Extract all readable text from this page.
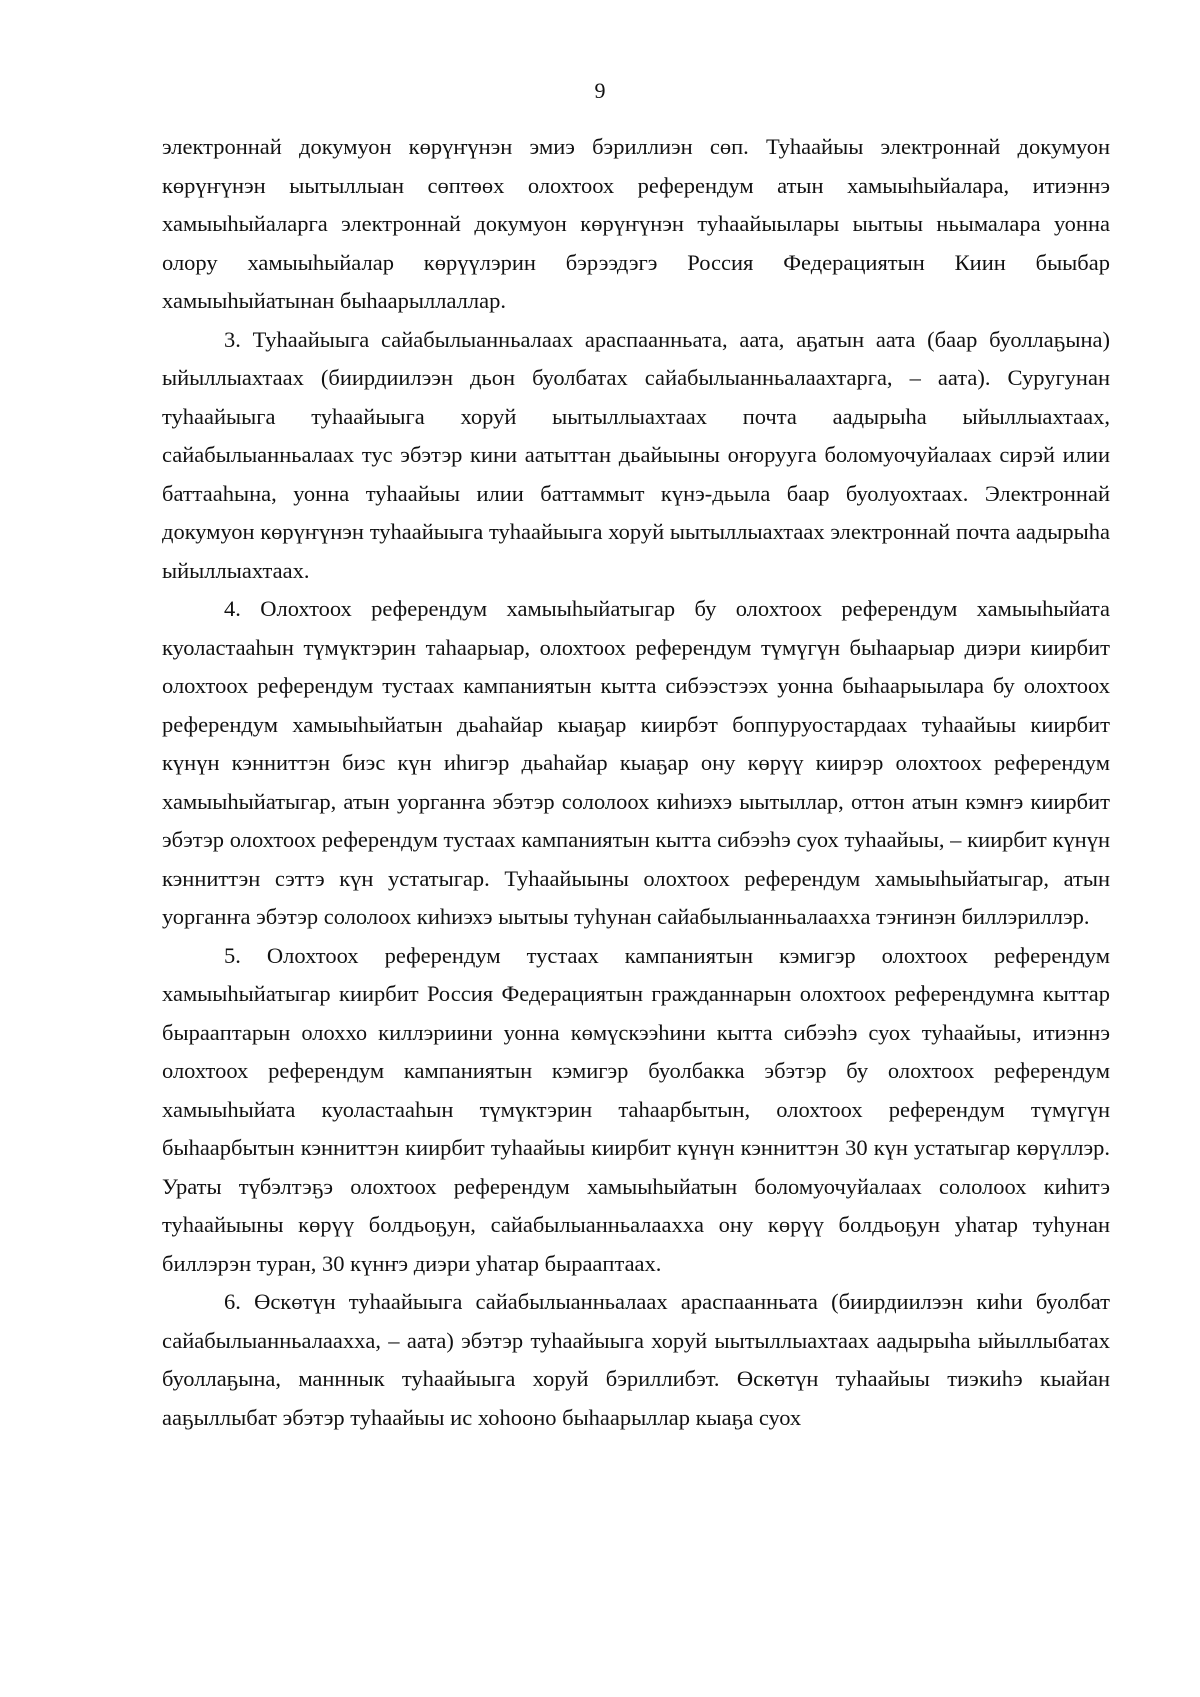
9

электроннай докумуон көрүҥүнэн эмиэ бэриллиэн сөп. Туһаайыы электроннай докумуон көрүҥүнэн ыытыллыан сөптөөх олохтоох референдум атын хамыыһыйалара, итиэннэ хамыыһыйаларга электроннай докумуон көрүҥүнэн туһаайыылары ыытыы ньымалара уонна олору хамыыһыйалар көрүүлэрин бэрээдэгэ Россия Федерациятын Киин быыбар хамыыһыйатынан быһаарыллаллар.

3. Туһаайыыга сайабылыанньалаах араспаанньата, аата, аҕатын аата (баар буоллаҕына) ыйыллыахтаах (биирдиилээн дьон буолбатах сайабылыанньалаахтарга, – аата). Суругунан туһаайыыга туһаайыыга хоруй ыытыллыахтаах почта аадырыһа ыйыллыахтаах, сайабылыанньалаах тус эбэтэр кини аатыттан дьайыыны оҥоруугa боломуочуйалаах сирэй илии баттааһына, уонна туһаайыы илии баттаммыт күнэ-дьыла баар буолуохтаах. Электроннай докумуон көрүҥүнэн туһаайыыга туһаайыыга хоруй ыытыллыахтаах электроннай почта аадырыһа ыйыллыахтаах.

4. Олохтоох референдум хамыыһыйатыгар бу олохтоох референдум хамыыһыйата куоластааһын түмүктэрин таһаарыар, олохтоох референдум түмүгүн быһаарыар диэри киирбит олохтоох референдум тустаах кампаниятын кытта сибээстээх уонна быһаарыылара бу олохтоох референдум хамыыһыйатын дьаһайар кыаҕар киирбэт боппуруостардаах туһаайыы киирбит күнүн кэнниттэн биэс күн иһигэр дьаһайар кыаҕар ону көрүү киирэр олохтоох референдум хамыыһыйатыгар, атын уорганҥа эбэтэр сололоох киһиэхэ ыытыллар, оттон атын кэмҥэ киирбит эбэтэр олохтоох референдум тустаах кампаниятын кытта сибээһэ суох туһаайыы, – киирбит күнүн кэнниттэн сэттэ күн устатыгар. Туһаайыыны олохтоох референдум хамыыһыйатыгар, атын уорганҥа эбэтэр сололоох киһиэхэ ыытыы туһунан сайабылыанньалааххa тэҥинэн биллэриллэр.

5. Олохтоох референдум тустаах кампаниятын кэмигэр олохтоох референдум хамыыһыйатыгар киирбит Россия Федерациятын гражданнарын олохтоох референдумҥа кыттар быраaптарын олоххо киллэриини уонна көмүскээһини кытта сибээһэ суох туһаайыы, итиэннэ олохтоох референдум кампаниятын кэмигэр буолбакка эбэтэр бу олохтоох референдум хамыыһыйата куоластааһын түмүктэрин таһаарбытын, олохтоох референдум түмүгүн быһаарбытын кэнниттэн киирбит туһаайыы киирбит күнүн кэнниттэн 30 күн устатыгар көрүллэр. Ураты түбэлтэҕэ олохтоох референдум хамыыһыйатын боломуочуйалаах сололоох киһитэ туһаайыыны көрүү болдьоҕун, сайабылыанньалааххa ону көрүү болдьоҕун уһатар туһунан биллэрэн туран, 30 күнҥэ диэри уһатар быраaптаах.

6. Өскөтүн туһаайыыга сайабылыанньалаах араспаанньата (биирдиилээн киһи буолбат сайабылыанньалааххa, – аата) эбэтэр туһаайыыга хоруй ыытыллыахтаах аадырыһа ыйыллыбатах буоллаҕына, манннык туһаайыыга хоруй бэриллибэт. Өскөтүн туһаайыы тиэкиһэ кыайан ааҕыллыбат эбэтэр туһаайыы ис хоһооно быһаарыллар кыаҕа суох
